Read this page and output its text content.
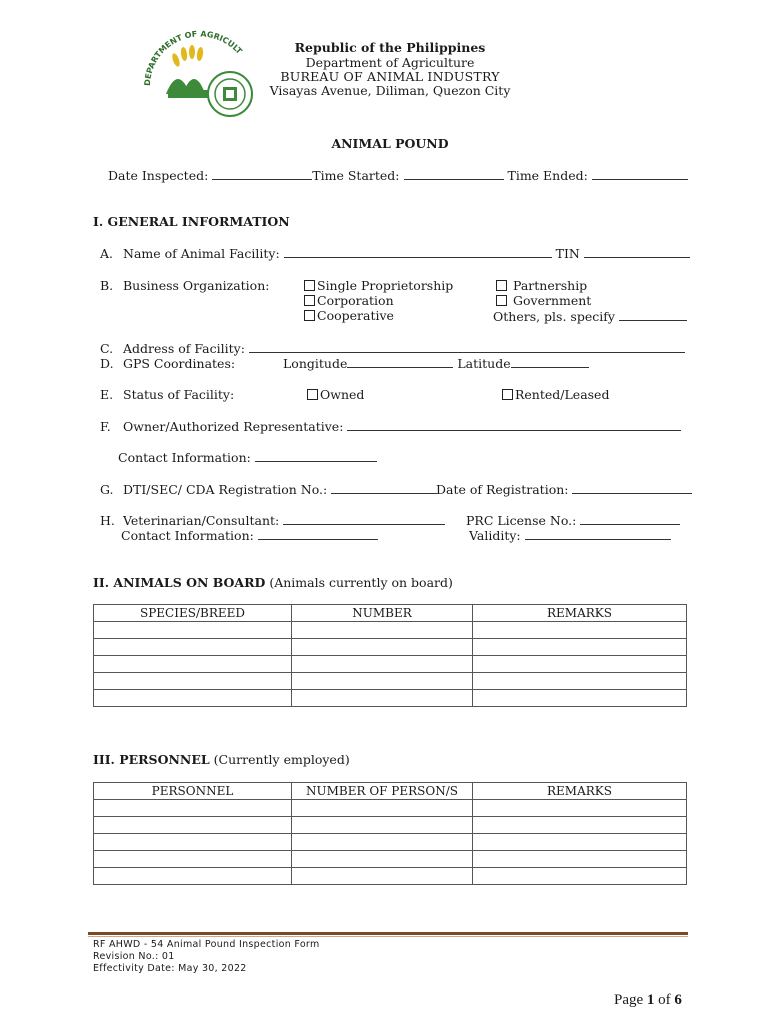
DEPARTMENT OF AGRICULT	Republic of the Philippines
Department of Agriculture
BUREAU OF ANIMAL INDUSTRY
Visayas Avenue, Diliman, Quezon City
ANIMAL POUND
Date Inspected:	Time Started:	Time Ended:
I. GENERAL INFORMATION
A. Name of Animal Facility:	TIN
B. Business Organization:	Single Proprietorship
Corporation
Cooperative
Partnership
Government
Others, pls. specify
C. Address of Facility:
D. GPS Coordinates:	Longitude	Latitude
E. Status of Facility:	Owned	Rented/Leased
F. Owner/Authorized Representative:
Contact Information:
G. DTI/SEC/ CDA Registration No.:	Date of Registration:
H. Veterinarian/Consultant:
Contact Information:
PRC License No.:
Validity:
II. ANIMALS ON BOARD (Animals currently on board)
SPECIES/BREED	NUMBER	REMARKS

III. PERSONNEL (Currently employed)
PERSONNEL	NUMBER OF PERSON/S	REMARKS

RF AHWD - 54 Animal Pound Inspection Form
Revision No.: 01
Effectivity Date: May 30, 2022
Page 1 of 6
